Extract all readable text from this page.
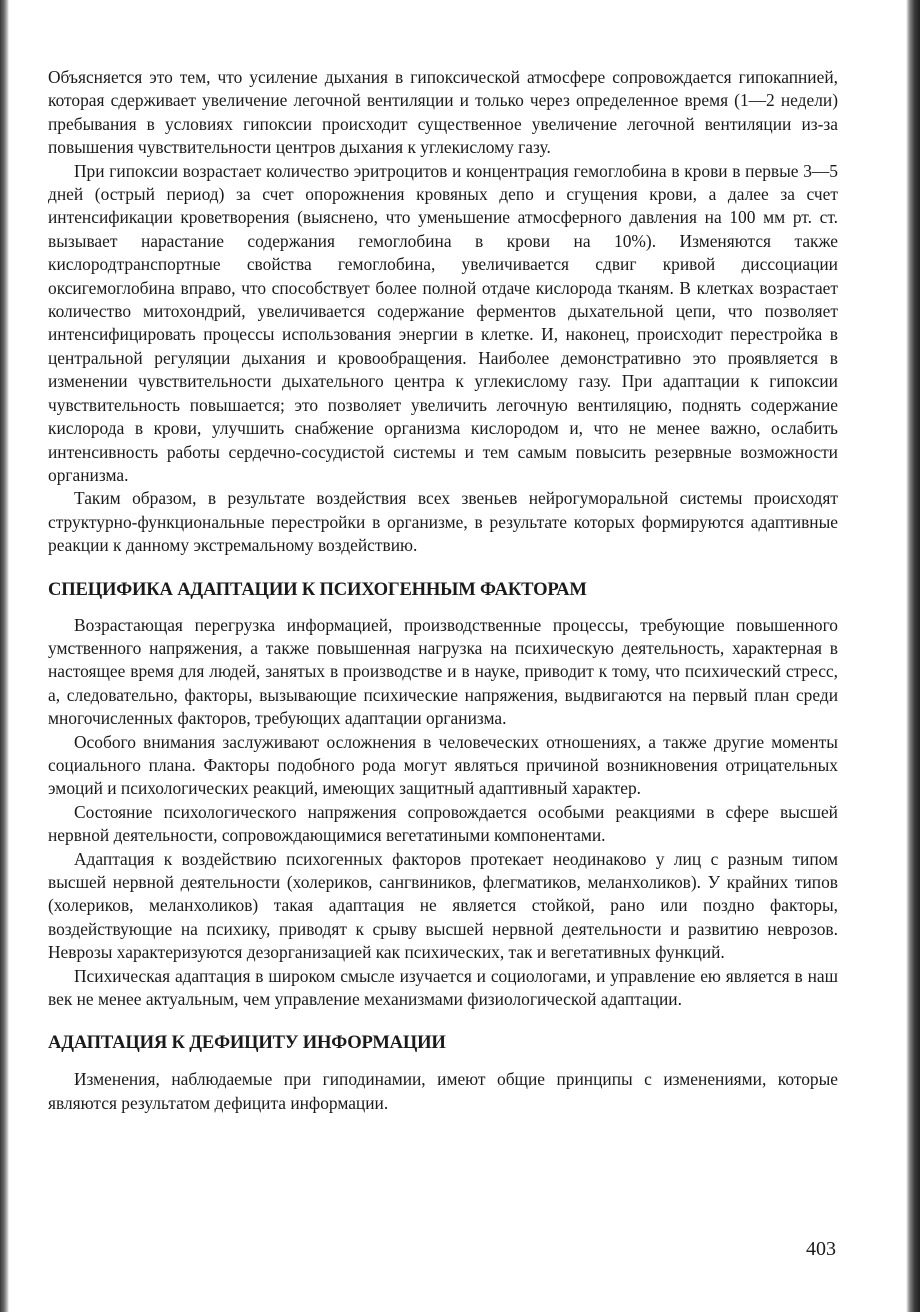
Объясняется это тем, что усиление дыхания в гипоксической атмосфере сопровождается гипокапнией, которая сдерживает увеличение легочной вентиляции и только через определенное время (1—2 недели) пребывания в условиях гипоксии происходит существенное увеличение легочной вентиляции из-за повышения чувствительности центров дыхания к углекислому газу.

При гипоксии возрастает количество эритроцитов и концентрация гемоглобина в крови в первые 3—5 дней (острый период) за счет опорожнения кровяных депо и сгущения крови, а далее за счет интенсификации кроветворения (выяснено, что уменьшение атмосферного давления на 100 мм рт. ст. вызывает нарастание содержания гемоглобина в крови на 10%). Изменяются также кислородтранспортные свойства гемоглобина, увеличивается сдвиг кривой диссоциации оксигемоглобина вправо, что способствует более полной отдаче кислорода тканям. В клетках возрастает количество митохондрий, увеличивается содержание ферментов дыхательной цепи, что позволяет интенсифицировать процессы использования энергии в клетке. И, наконец, происходит перестройка в центральной регуляции дыхания и кровообращения. Наиболее демонстративно это проявляется в изменении чувствительности дыхательного центра к углекислому газу. При адаптации к гипоксии чувствительность повышается; это позволяет увеличить легочную вентиляцию, поднять содержание кислорода в крови, улучшить снабжение организма кислородом и, что не менее важно, ослабить интенсивность работы сердечно-сосудистой системы и тем самым повысить резервные возможности организма.

Таким образом, в результате воздействия всех звеньев нейрогуморальной системы происходят структурно-функциональные перестройки в организме, в результате которых формируются адаптивные реакции к данному экстремальному воздействию.

СПЕЦИФИКА АДАПТАЦИИ К ПСИХОГЕННЫМ ФАКТОРАМ

Возрастающая перегрузка информацией, производственные процессы, требующие повышенного умственного напряжения, а также повышенная нагрузка на психическую деятельность, характерная в настоящее время для людей, занятых в производстве и в науке, приводит к тому, что психический стресс, а, следовательно, факторы, вызывающие психические напряжения, выдвигаются на первый план среди многочисленных факторов, требующих адаптации организма.

Особого внимания заслуживают осложнения в человеческих отношениях, а также другие моменты социального плана. Факторы подобного рода могут являться причиной возникновения отрицательных эмоций и психологических реакций, имеющих защитный адаптивный характер.

Состояние психологического напряжения сопровождается особыми реакциями в сфере высшей нервной деятельности, сопровождающимися вегетатиными компонентами.

Адаптация к воздействию психогенных факторов протекает неодинаково у лиц с разным типом высшей нервной деятельности (холериков, сангвиников, флегматиков, меланхоликов). У крайних типов (холериков, меланхоликов) такая адаптация не является стойкой, рано или поздно факторы, воздействующие на психику, приводят к срыву высшей нервной деятельности и развитию неврозов. Неврозы характеризуются дезорганизацией как психических, так и вегетативных функций.

Психическая адаптация в широком смысле изучается и социологами, и управление ею является в наш век не менее актуальным, чем управление механизмами физиологической адаптации.

АДАПТАЦИЯ К ДЕФИЦИТУ ИНФОРМАЦИИ

Изменения, наблюдаемые при гиподинамии, имеют общие принципы с изменениями, которые являются результатом дефицита информации.

403
